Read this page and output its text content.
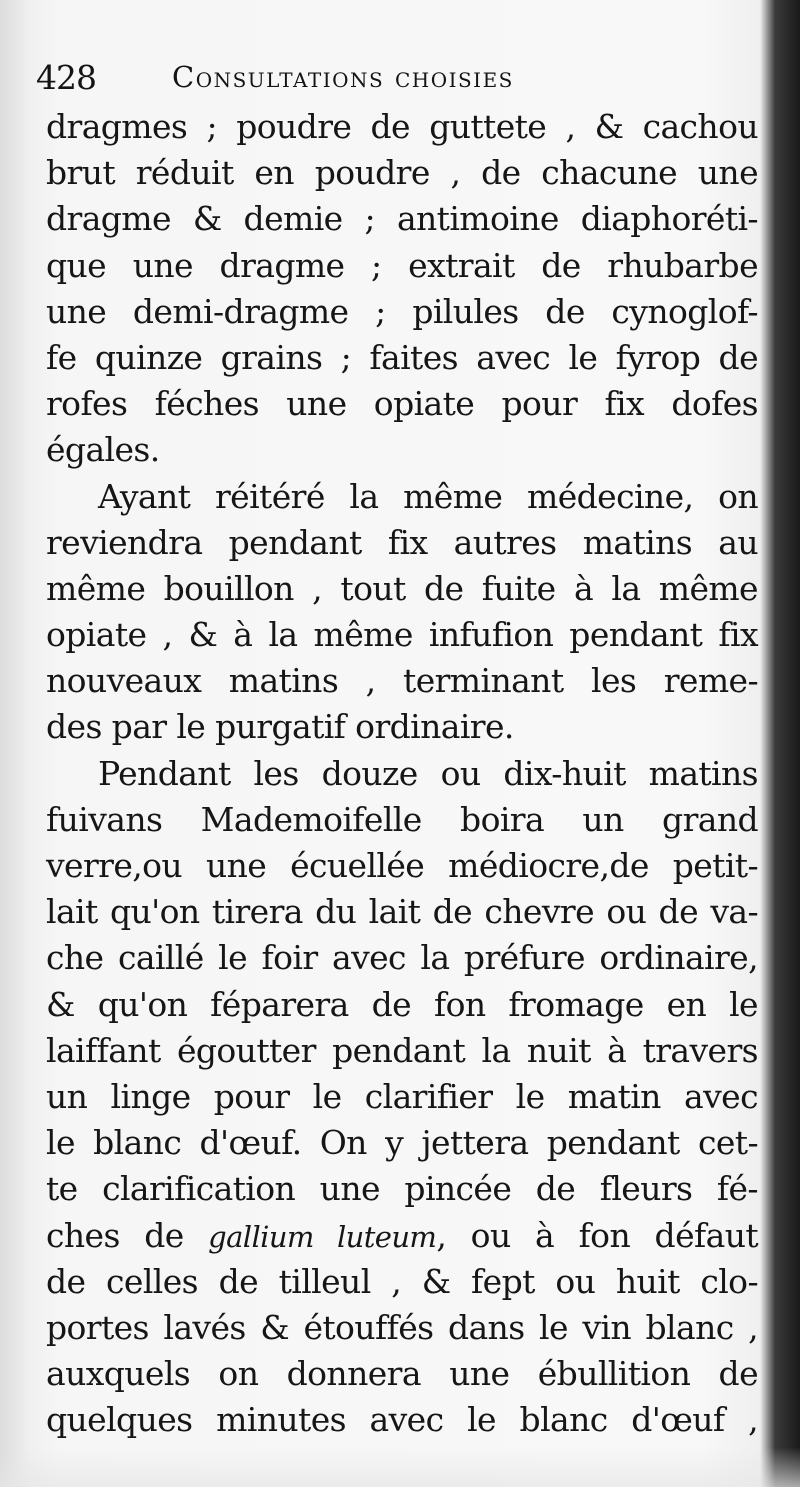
428	Consultations choisies
dragmes ; poudre de guttete , & cachou
brut réduit en poudre , de chacune une
dragme & demie ; antimoine diaphoréti-
que une dragme ; extrait de rhubarbe
une demi-dragme ; pilules de cynoglof-
fe quinze grains ; faites avec le fyrop de
rofes féches une opiate pour fix dofes
égales.
Ayant réitéré la même médecine, on
reviendra pendant fix autres matins au
même bouillon , tout de fuite à la même
opiate , & à la même infufion pendant fix
nouveaux matins , terminant les reme-
des par le purgatif ordinaire.
Pendant les douze ou dix-huit matins
fuivans Mademoifelle boira un grand
verre,ou une écuellée médiocre,de petit-
lait qu'on tirera du lait de chevre ou de vа-
che caillé le foir avec la préfure ordinaire,
& qu'on féparera de fon fromage en le
laiffant égoutter pendant la nuit à travers
un linge pour le clarifier le matin avec
le blanc d'œuf. On y jettera pendant cet-
te clarification une pincée de fleurs fé-
ches de gallium luteum, ou à fon défaut
de celles de tilleul , & fept ou huit clo-
portes lavés & étouffés dans le vin blanc ,
auxquels on donnera une ébullition de
quelques minutes avec le blanc d'œuf ,
